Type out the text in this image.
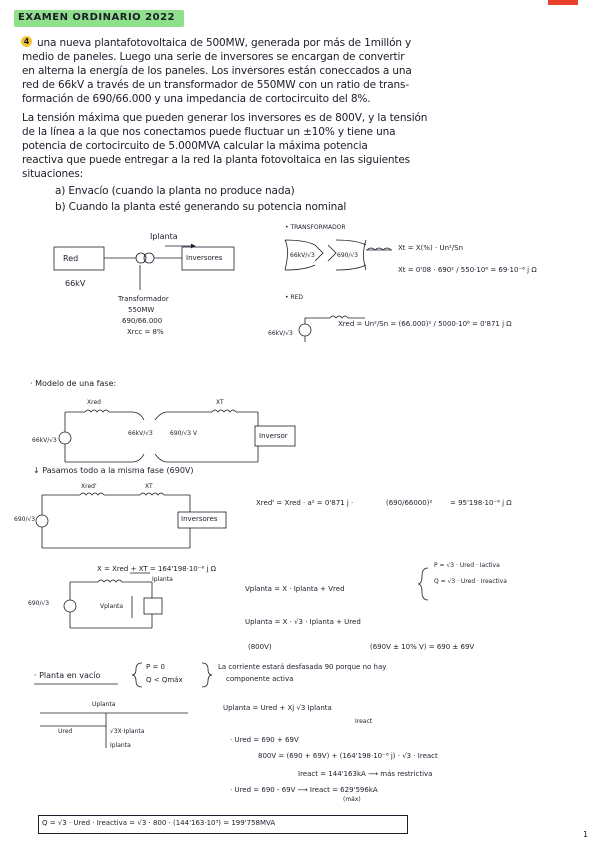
EXAMEN ORDINARIO 2022
4 una nueva plantafotovoltaica de 500MW, generada por más de 1millón y
medio de paneles. Luego una serie de inversores se encargan de convertir
en alterna la energía de los paneles. Los inversores están coneccados a una
red de 66kV a través de un transformador de 550MW con un ratio de trans-
formación de 690/66.000 y una impedancia de cortocircuito del 8%.
La tensión máxima que pueden generar los inversores es de 800V, y la tensión
de la línea a la que nos conectamos puede fluctuar un ±10% y tiene una
potencia de cortocircuito de 5.000MVA calcular la máxima potencia
reactiva que puede entregar a la red la planta fotovoltaica en las siguientes
situaciones:
a) Envacío (cuando la planta no produce nada)
b) Cuando la planta esté generando su potencia nominal
Red
66kV
Iplanta
Inversores
Transformador
550MW
690/66.000
Xrcc = 8%
• TRANSFORMADOR
66kV/√3	690/√3
Xt = X(%) · Un²/Sn
Xt = 0'08 · 690² / 550·10⁶ = 69·10⁻⁶ j Ω
• RED
66kV/√3
Xred = Un²/Sn = (66.000)² / 5000·10⁶ = 0'871 j Ω
· Modelo de una fase:
Xred	XT
66kV/√3
66kV/√3	690/√3 V	Inversor
↓ Pasamos todo a la misma fase (690V)
Xred'	XT
690/√3	Inversores
Xred' = Xred · a² = 0'871 j ·	(690/66000)²	= 95'198·10⁻⁶ j Ω
X = Xred + XT = 164'198·10⁻⁶ j Ω
Iplanta
Vplanta
690/√3
Vplanta = X · Iplanta + Vred
Uplanta = X · √3 · Iplanta + Ured
(800V)	(690V ± 10% V) = 690 ± 69V
P = √3 · Ured · Iactiva
Q = √3 · Ured · Ireactiva
· Planta en vacío
P = 0
Q < Qmáx
La corriente estará desfasada 90 porque no hay
componente activa
Uplanta
Ured	√3X·Iplanta
Iplanta
Uplanta = Ured + Xj √3 Iplanta
Ireact
· Ured = 690 + 69V
800V = (690 + 69V) + (164'198·10⁻⁶ j) · √3 · Ireact
Ireact = 144'163kA ⟶ más restrictiva
· Ured = 690 - 69V ⟶ Ireact = 629'596kA
(máx)
Q = √3 · Ured · Ireactiva = √3 · 800 · (144'163·10³) = 199'758MVA
1
